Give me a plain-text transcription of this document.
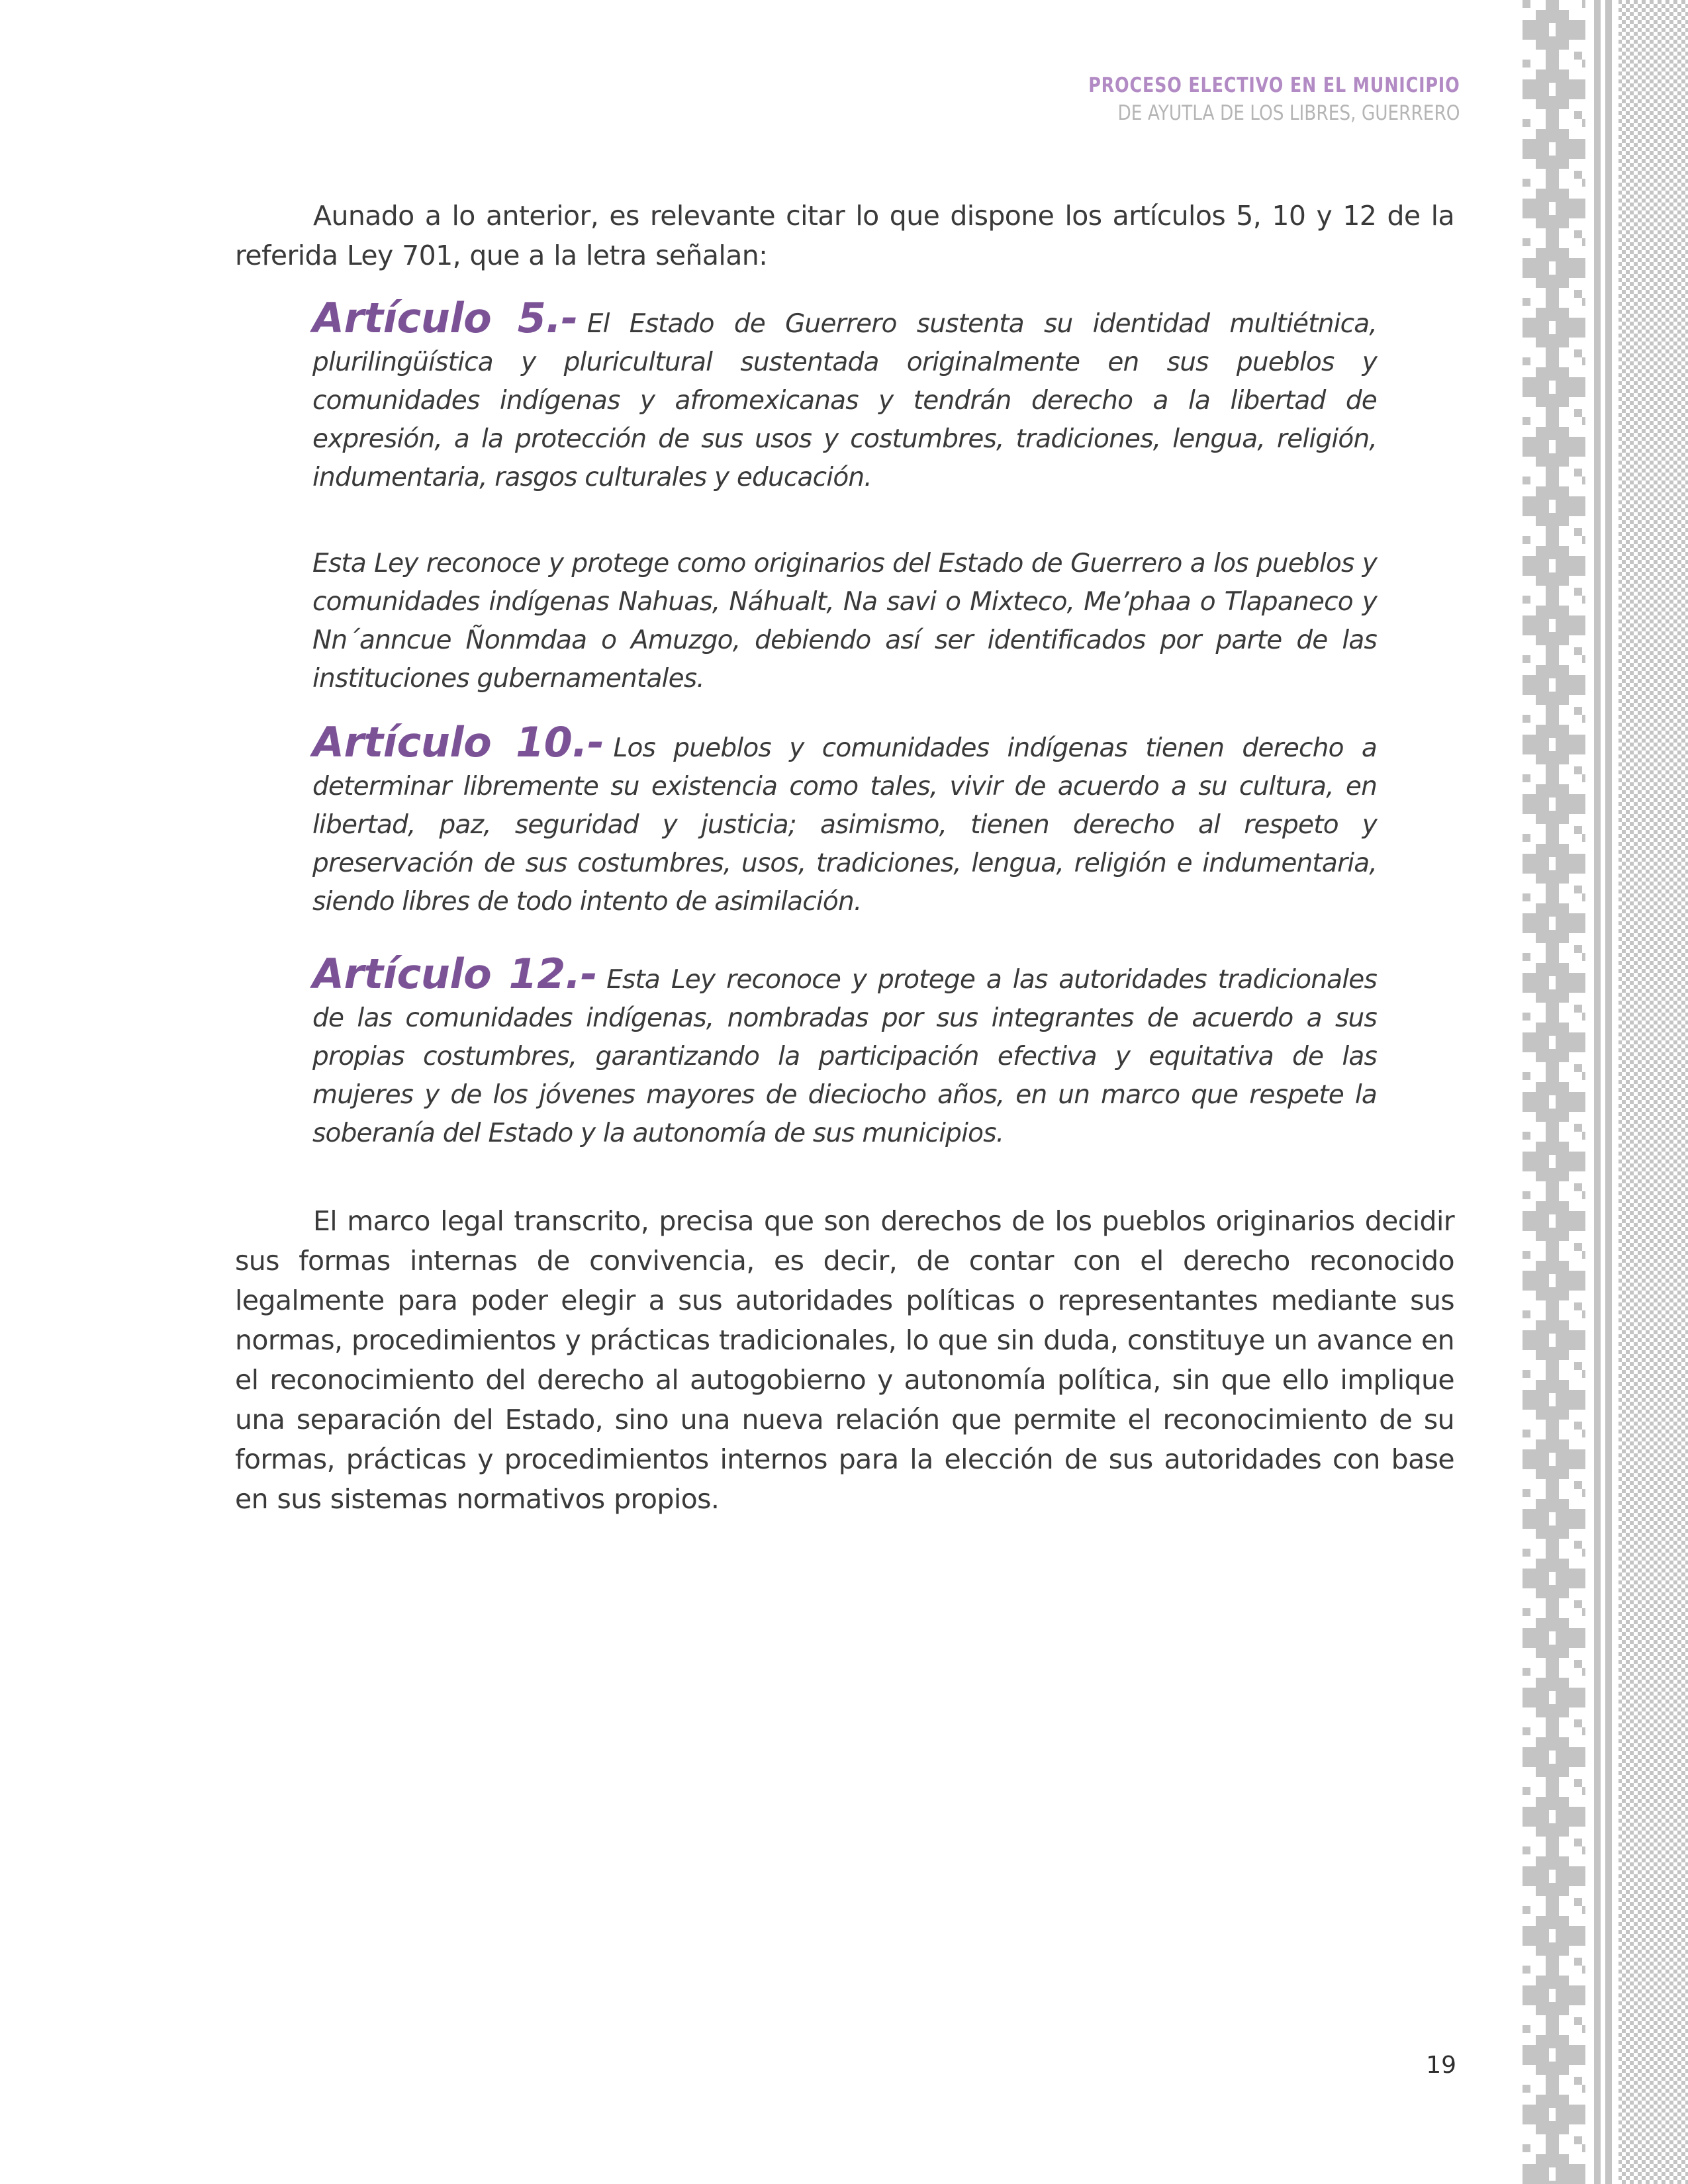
PROCESO ELECTIVO EN EL MUNICIPIO
DE AYUTLA DE LOS LIBRES, GUERRERO

Aunado a lo anterior, es relevante citar lo que dispone los artículos 5, 10 y 12 de la referida Ley 701, que a la letra señalan:

Artículo 5.- El Estado de Guerrero sustenta su identidad multiétnica, plurilingüística y pluricultural sustentada originalmente en sus pueblos y comunidades indígenas y afromexicanas y tendrán derecho a la libertad de expresión, a la protección de sus usos y costumbres, tradiciones, lengua, religión, indumentaria, rasgos culturales y educación.

Esta Ley reconoce y protege como originarios del Estado de Guerrero a los pueblos y comunidades indígenas Nahuas, Náhualt, Na savi o Mixteco, Me’phaa o Tlapaneco y Nn´anncue Ñonmdaa o Amuzgo, debiendo así ser identificados por parte de las instituciones gubernamentales.

Artículo 10.- Los pueblos y comunidades indígenas tienen derecho a determinar libremente su existencia como tales, vivir de acuerdo a su cultura, en libertad, paz, seguridad y justicia; asimismo, tienen derecho al respeto y preservación de sus costumbres, usos, tradiciones, lengua, religión e indumentaria, siendo libres de todo intento de asimilación.

Artículo 12.- Esta Ley reconoce y protege a las autoridades tradicionales de las comunidades indígenas, nombradas por sus integrantes de acuerdo a sus propias costumbres, garantizando la participación efectiva y equitativa de las mujeres y de los jóvenes mayores de dieciocho años, en un marco que respete la soberanía del Estado y la autonomía de sus municipios.

El marco legal transcrito, precisa que son derechos de los pueblos originarios decidir sus formas internas de convivencia, es decir, de contar con el derecho reconocido legalmente para poder elegir a sus autoridades políticas o representantes mediante sus normas, procedimientos y prácticas tradicionales, lo que sin duda, constituye un avance en el reconocimiento del derecho al autogobierno y autonomía política, sin que ello implique una separación del Estado, sino una nueva relación que permite el reconocimiento de su formas, prácticas y procedimientos internos para la elección de sus autoridades con base en sus sistemas normativos propios.

19
